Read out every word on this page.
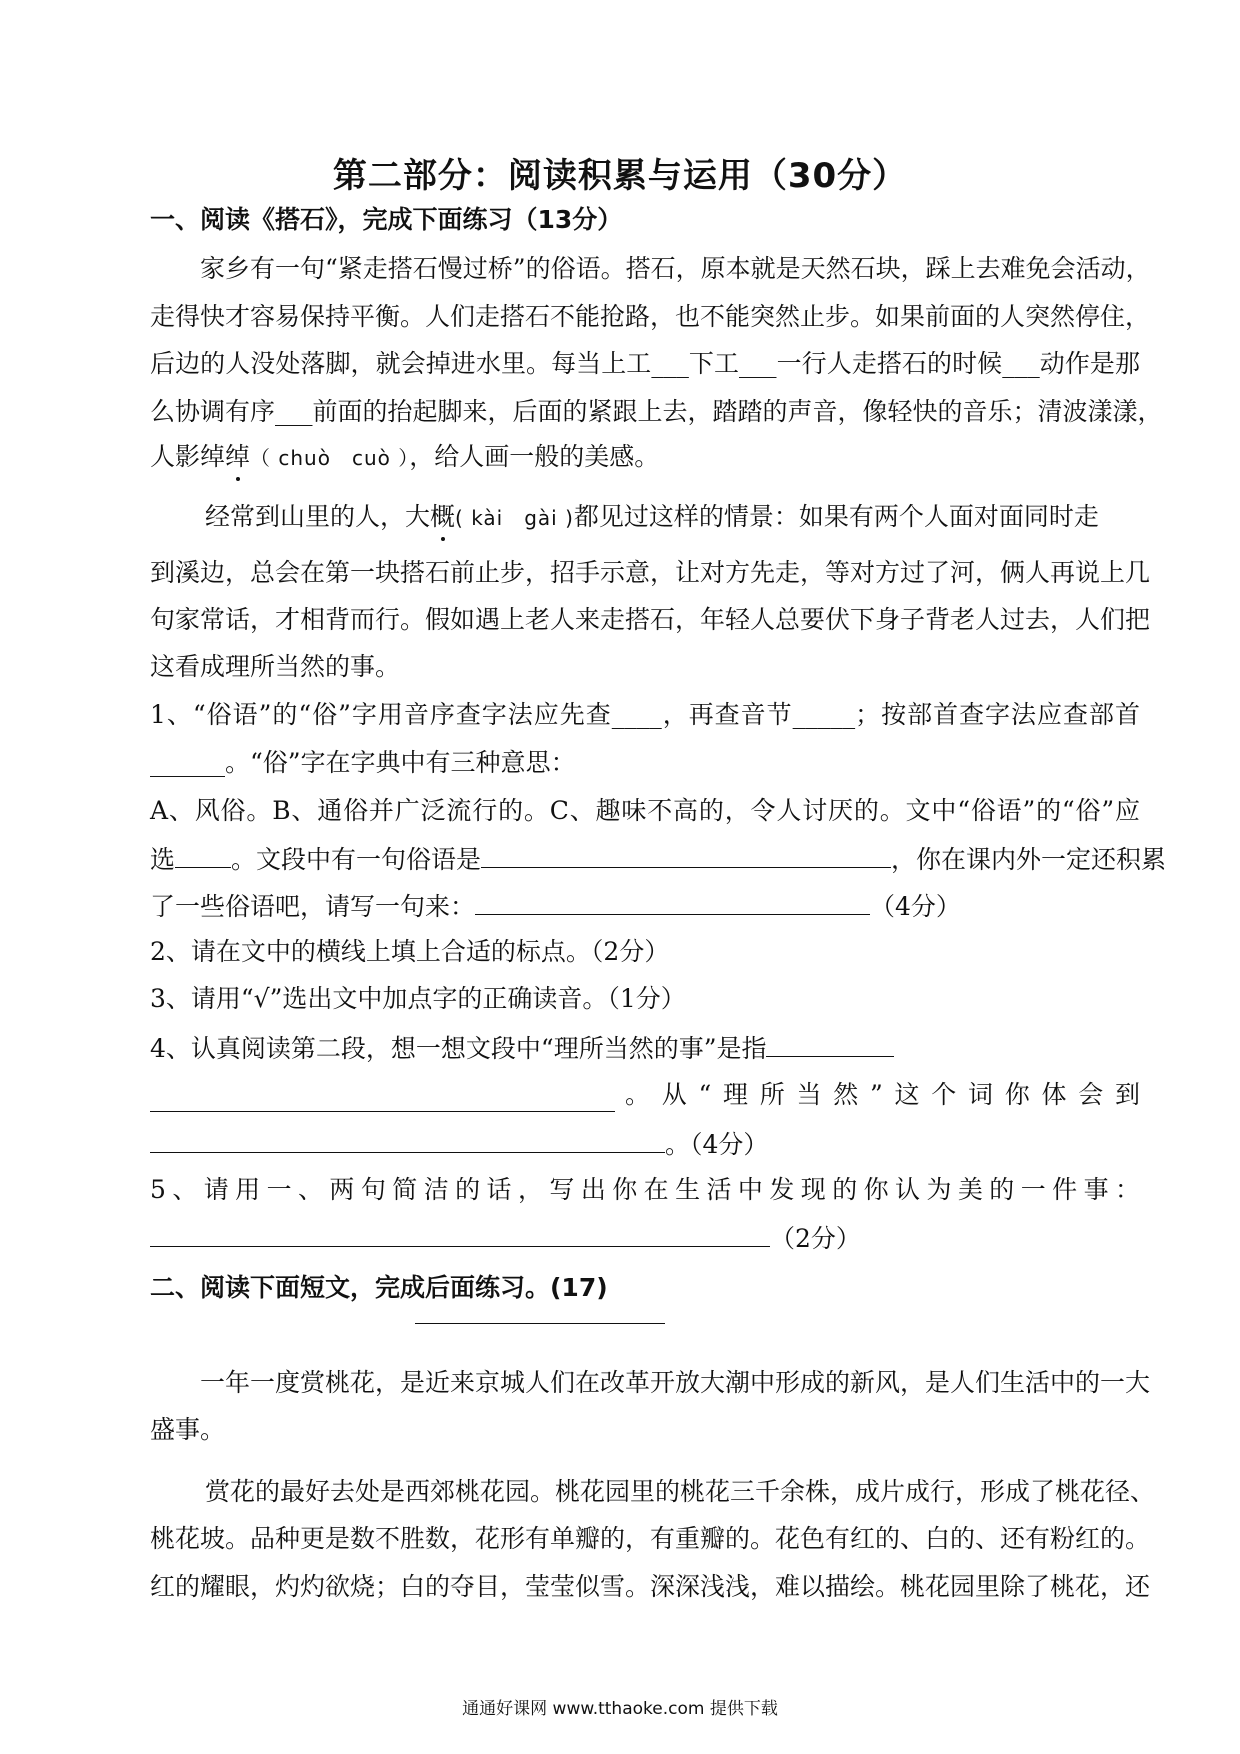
第二部分：阅读积累与运用（30分）
一、阅读《搭石》，完成下面练习（13分）
家乡有一句“紧走搭石慢过桥”的俗语。搭石，原本就是天然石块，踩上去难免会活动，
走得快才容易保持平衡。人们走搭石不能抢路，也不能突然止步。如果前面的人突然停住，
后边的人没处落脚，就会掉进水里。每当上工___下工___一行人走搭石的时候___动作是那
么协调有序___前面的抬起脚来，后面的紧跟上去，踏踏的声音，像轻快的音乐；清波漾漾，
人影绰绰（ chuò　cuò ），给人画一般的美感。
经常到山里的人，大概( kài　gài )都见过这样的情景：如果有两个人面对面同时走
到溪边，总会在第一块搭石前止步，招手示意，让对方先走，等对方过了河，俩人再说上几
句家常话，才相背而行。假如遇上老人来走搭石，年轻人总要伏下身子背老人过去，人们把
这看成理所当然的事。
1、“俗语”的“俗”字用音序查字法应先查____，再查音节_____；按部首查字法应查部首
______。“俗”字在字典中有三种意思：
A、风俗。B、通俗并广泛流行的。C、趣味不高的，令人讨厌的。文中“俗语”的“俗”应
选 。文段中有一句俗语是	，你在课内外一定还积累
了一些俗语吧，请写一句来：	（4分）
2、请在文中的横线上填上合适的标点。（2分）
3、请用“√”选出文中加点字的正确读音。（1分）
4、认真阅读第二段，想一想文段中“理所当然的事”是指
。从“理所当然”这个词你体会到
。（4分）
5、请用一、两句简洁的话，写出你在生活中发现的你认为美的一件事：
（2分）
二、阅读下面短文，完成后面练习。(17)
一年一度赏桃花，是近来京城人们在改革开放大潮中形成的新风，是人们生活中的一大
盛事。
赏花的最好去处是西郊桃花园。桃花园里的桃花三千余株，成片成行，形成了桃花径、
桃花坡。品种更是数不胜数，花形有单瓣的，有重瓣的。花色有红的、白的、还有粉红的。
红的耀眼，灼灼欲烧；白的夺目，莹莹似雪。深深浅浅，难以描绘。桃花园里除了桃花，还
通通好课网 www.tthaoke.com 提供下载
